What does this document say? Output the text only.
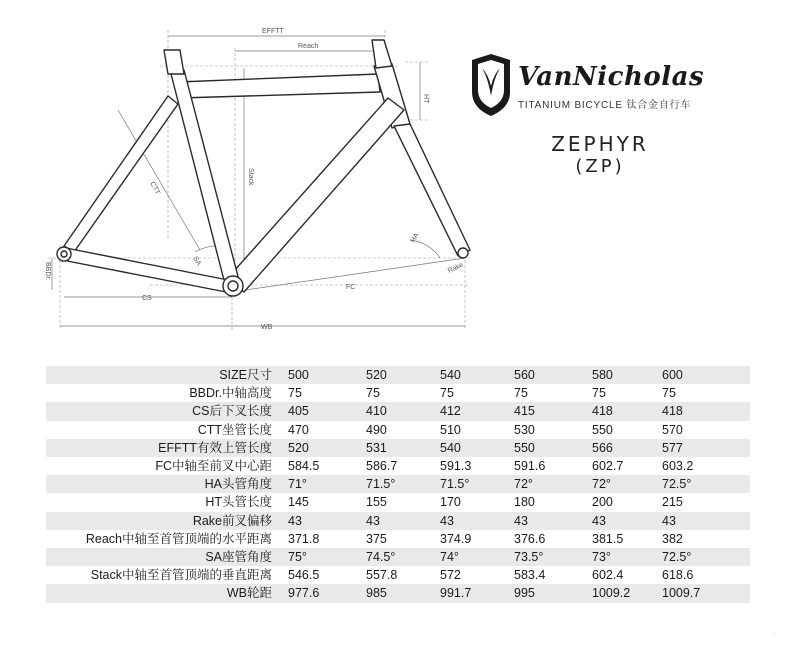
EFFTT
Reach
HT
Stack
CTT
SA
HA
Rake
BBDr.
CS
FC
WB
VanNicholas
TITANIUM BICYCLE 钛合金自行车
ZEPHYR
(ZP)
SIZE尺寸	500	520	540	560	580	600
BBDr.中轴高度	75	75	75	75	75	75
CS后下叉长度	405	410	412	415	418	418
CTT坐管长度	470	490	510	530	550	570
EFFTT有效上管长度	520	531	540	550	566	577
FC中轴至前叉中心距	584.5	586.7	591.3	591.6	602.7	603.2
HA头管角度	71°	71.5°	71.5°	72°	72°	72.5°
HT头管长度	145	155	170	180	200	215
Rake前叉偏移	43	43	43	43	43	43
Reach中轴至首管顶端的水平距离	371.8	375	374.9	376.6	381.5	382
SA座管角度	75°	74.5°	74°	73.5°	73°	72.5°
Stack中轴至首管顶端的垂直距离	546.5	557.8	572	583.4	602.4	618.6
WB轮距	977.6	985	991.7	995	1009.2	1009.7
·
